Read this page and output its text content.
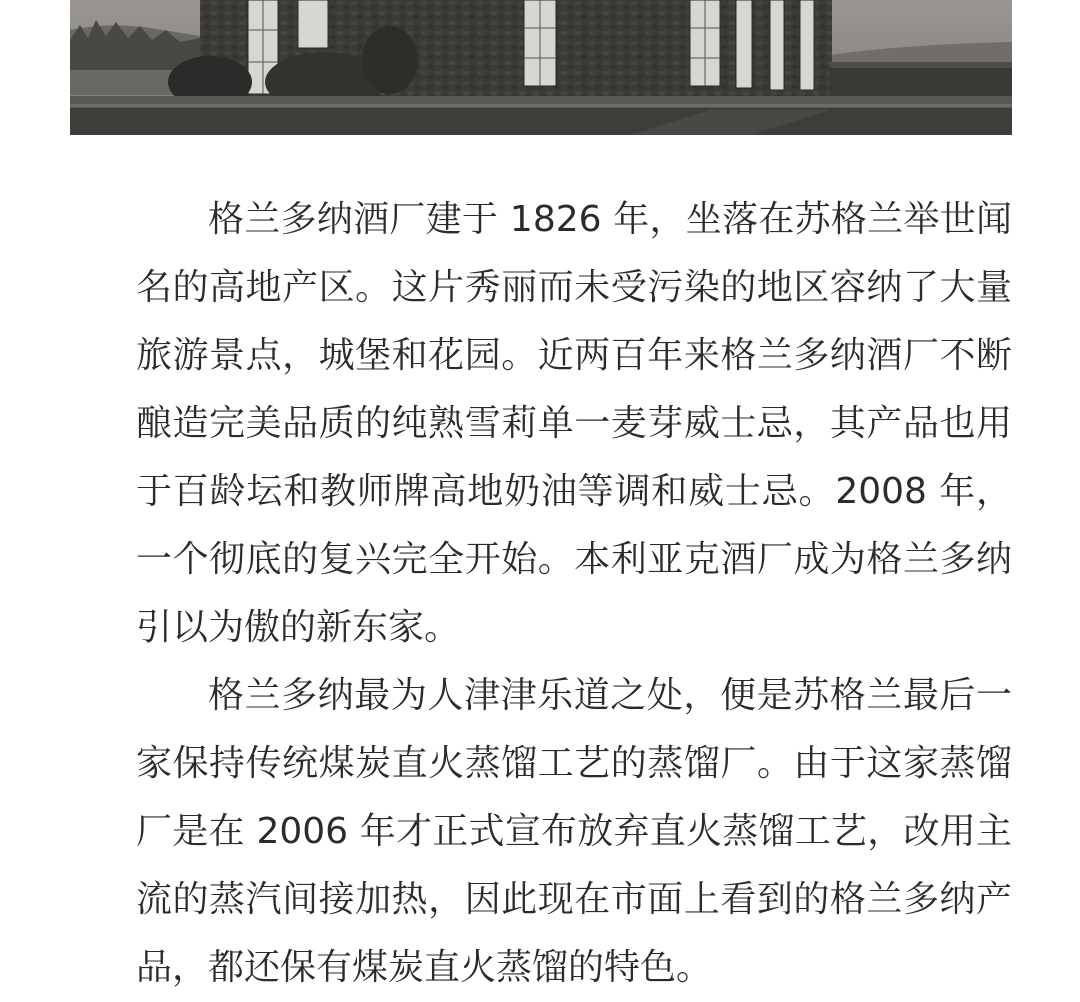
格兰多纳酒厂建于 1826 年，坐落在苏格兰举世闻名的高地产区。这片秀丽而未受污染的地区容纳了大量旅游景点，城堡和花园。近两百年来格兰多纳酒厂不断酿造完美品质的纯熟雪莉单一麦芽威士忌，其产品也用于百龄坛和教师牌高地奶油等调和威士忌。2008 年，一个彻底的复兴完全开始。本利亚克酒厂成为格兰多纳引以为傲的新东家。

格兰多纳最为人津津乐道之处，便是苏格兰最后一家保持传统煤炭直火蒸馏工艺的蒸馏厂。由于这家蒸馏厂是在 2006 年才正式宣布放弃直火蒸馏工艺，改用主流的蒸汽间接加热，因此现在市面上看到的格兰多纳产品，都还保有煤炭直火蒸馏的特色。
